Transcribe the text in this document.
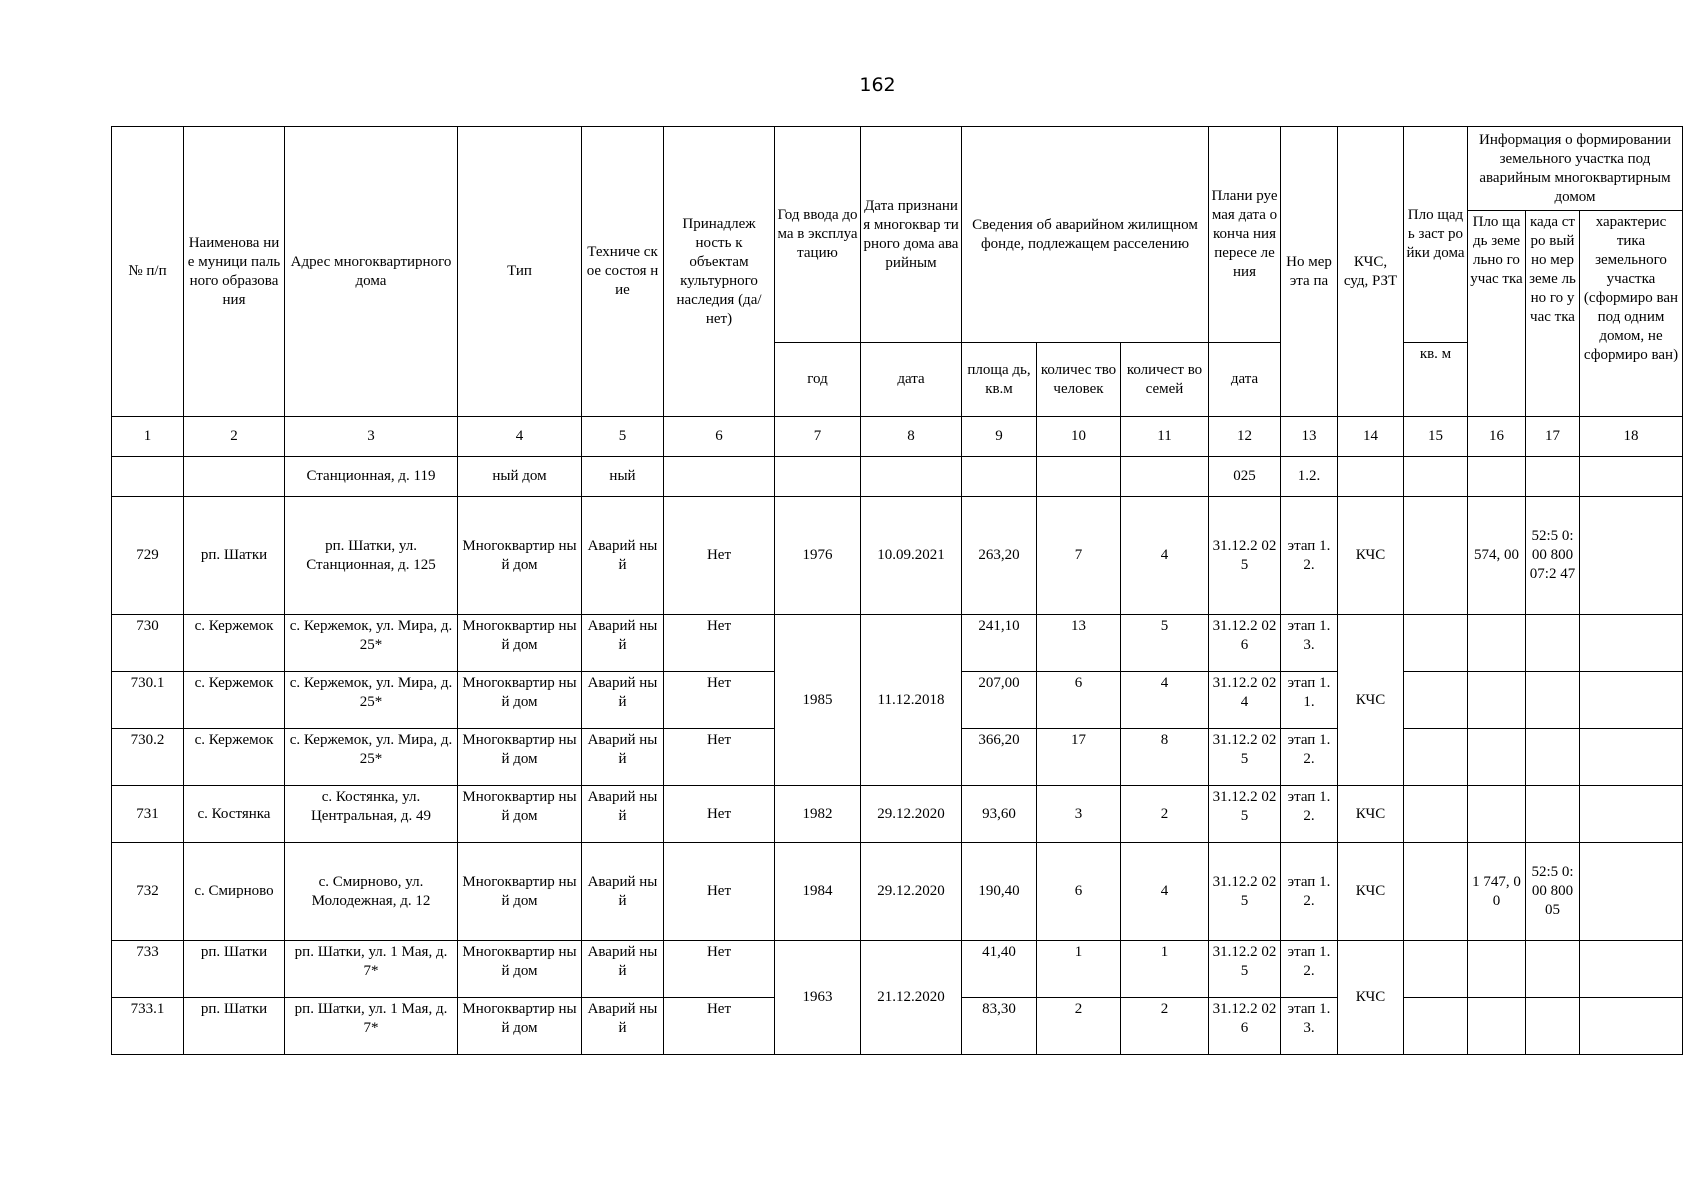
162
№ п/п	Наименова ние муници пального образова ния	Адрес многоквартирного дома	Тип	Техниче ское состоя ние	Принадлеж ность к объектам культурного наследия (да/нет)	Год ввода дома в эксплуа тацию	Дата признания многоквар тирного дома аварийным	Сведения об аварийном жилищном фонде, подлежащем расселению			Плани руемая дата оконча ния пересе ления	Но мер эта па	КЧС, суд, РЗТ	Пло щадь заст ройки дома	Информация о формировании земельного участка под аварийным многоквартирным домом		
															Пло щадь земе льно го учас тка	када стро вый но мер земе льно го учас тка	характерис тика земельного участка (сформиро ван под одним домом, не сформиро ван)
						год	дата	площа дь, кв.м	количес тво человек	количест во семей	дата			кв. м			
1	2	3	4	5	6	7	8	9	10	11	12	13	14	15	16	17	18
		Станционная, д. 119	ный дом	ный							025	1.2.					
729	рп. Шатки	рп. Шатки, ул. Станционная, д. 125	Многоквартир ный дом	Аварий ный	Нет	1976	10.09.2021	263,20	7	4	31.12.2 025	этап 1.2.	КЧС		574, 00	52:5 0:00 800 07:2 47	
730	с. Кержемок	с. Кержемок, ул. Мира, д. 25*	Многоквартир ный дом	Аварий ный	Нет	1985	11.12.2018	241,10	13	5	31.12.2 026	этап 1.3.	КЧС				
730.1	с. Кержемок	с. Кержемок, ул. Мира, д. 25*	Многоквартир ный дом	Аварий ный	Нет			207,00	6	4	31.12.2 024	этап 1.1.					
730.2	с. Кержемок	с. Кержемок, ул. Мира, д. 25*	Многоквартир ный дом	Аварий ный	Нет			366,20	17	8	31.12.2 025	этап 1.2.					
731	с. Костянка	с. Костянка, ул. Центральная, д. 49	Многоквартир ный дом	Аварий ный	Нет	1982	29.12.2020	93,60	3	2	31.12.2 025	этап 1.2.	КЧС				
732	с. Смирново	с. Смирново, ул. Молодежная, д. 12	Многоквартир ный дом	Аварий ный	Нет	1984	29.12.2020	190,40	6	4	31.12.2 025	этап 1.2.	КЧС		1 747, 00	52:5 0:00 800 05	
733	рп. Шатки	рп. Шатки, ул. 1 Мая, д. 7*	Многоквартир ный дом	Аварий ный	Нет	1963	21.12.2020	41,40	1	1	31.12.2 025	этап 1.2.	КЧС				
733.1	рп. Шатки	рп. Шатки, ул. 1 Мая, д. 7*	Многоквартир ный дом	Аварий ный	Нет			83,30	2	2	31.12.2 026	этап 1.3.					
